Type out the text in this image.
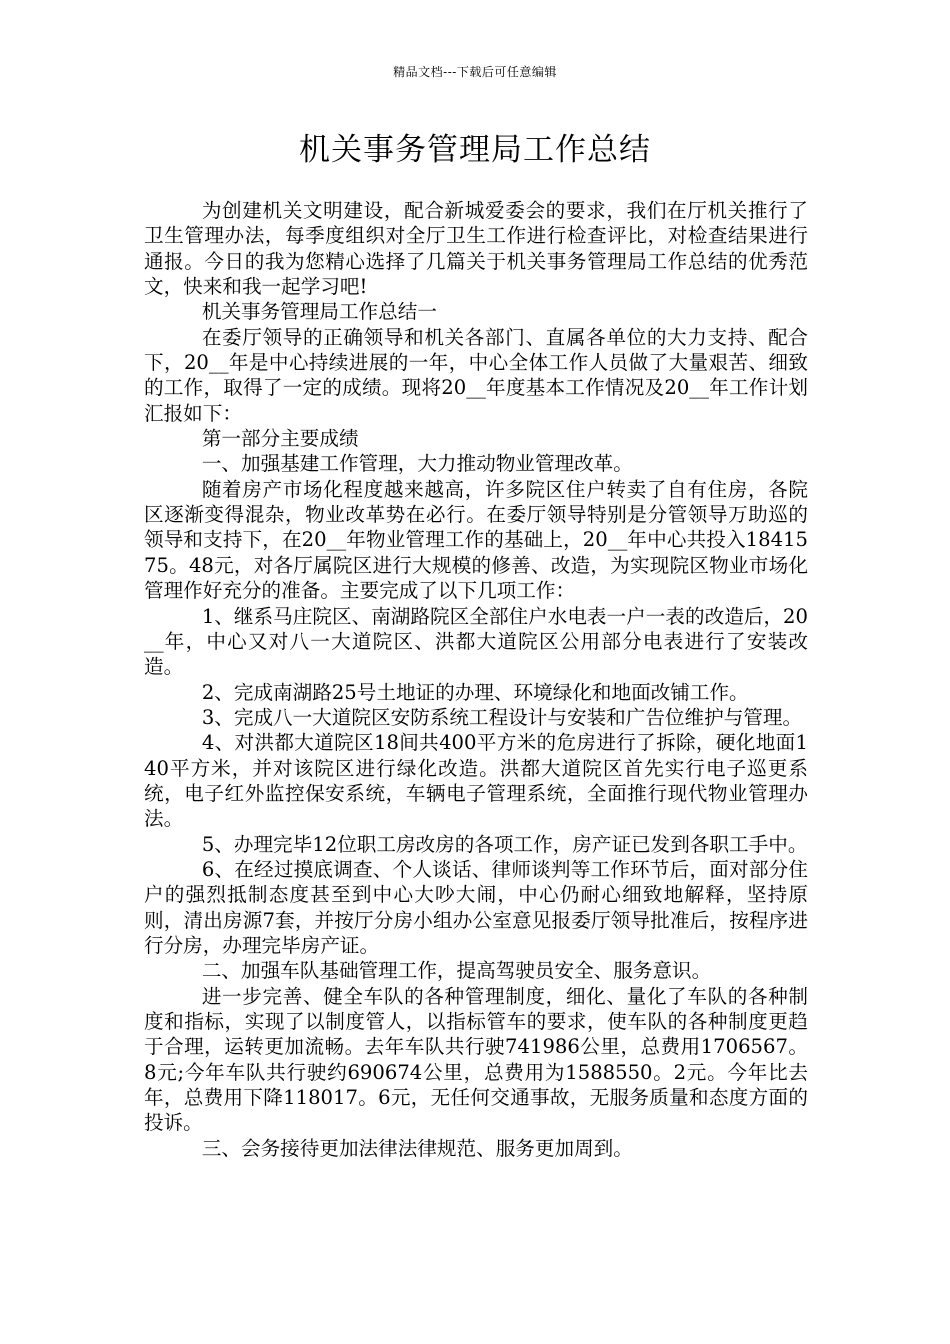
精品文档---下载后可任意编辑
机关事务管理局工作总结

为创建机关文明建设，配合新城爱委会的要求，我们在厅机关推行了卫生管理办法，每季度组织对全厅卫生工作进行检查评比，对检查结果进行通报。今日的我为您精心选择了几篇关于机关事务管理局工作总结的优秀范文，快来和我一起学习吧!

机关事务管理局工作总结一

在委厅领导的正确领导和机关各部门、直属各单位的大力支持、配合下，20__年是中心持续进展的一年，中心全体工作人员做了大量艰苦、细致的工作，取得了一定的成绩。现将20__年度基本工作情况及20__年工作计划汇报如下：

第一部分主要成绩

一、加强基建工作管理，大力推动物业管理改革。

随着房产市场化程度越来越高，许多院区住户转卖了自有住房，各院区逐渐变得混杂，物业改革势在必行。在委厅领导特别是分管领导万助巡的领导和支持下，在20__年物业管理工作的基础上，20__年中心共投入1841575。48元，对各厅属院区进行大规模的修善、改造，为实现院区物业市场化管理作好充分的准备。主要完成了以下几项工作：

1、继系马庄院区、南湖路院区全部住户水电表一户一表的改造后，20__年，中心又对八一大道院区、洪都大道院区公用部分电表进行了安装改造。

2、完成南湖路25号土地证的办理、环境绿化和地面改铺工作。

3、完成八一大道院区安防系统工程设计与安装和广告位维护与管理。

4、对洪都大道院区18间共400平方米的危房进行了拆除，硬化地面140平方米，并对该院区进行绿化改造。洪都大道院区首先实行电子巡更系统，电子红外监控保安系统，车辆电子管理系统，全面推行现代物业管理办法。

5、办理完毕12位职工房改房的各项工作，房产证已发到各职工手中。

6、在经过摸底调查、个人谈话、律师谈判等工作环节后，面对部分住户的强烈抵制态度甚至到中心大吵大闹，中心仍耐心细致地解释，坚持原则，清出房源7套，并按厅分房小组办公室意见报委厅领导批准后，按程序进行分房，办理完毕房产证。

二、加强车队基础管理工作，提高驾驶员安全、服务意识。

进一步完善、健全车队的各种管理制度，细化、量化了车队的各种制度和指标，实现了以制度管人，以指标管车的要求，使车队的各种制度更趋于合理，运转更加流畅。去年车队共行驶741986公里，总费用1706567。8元;今年车队共行驶约690674公里，总费用为1588550。2元。今年比去年，总费用下降118017。6元，无任何交通事故，无服务质量和态度方面的投诉。

三、会务接待更加法律法律规范、服务更加周到。
